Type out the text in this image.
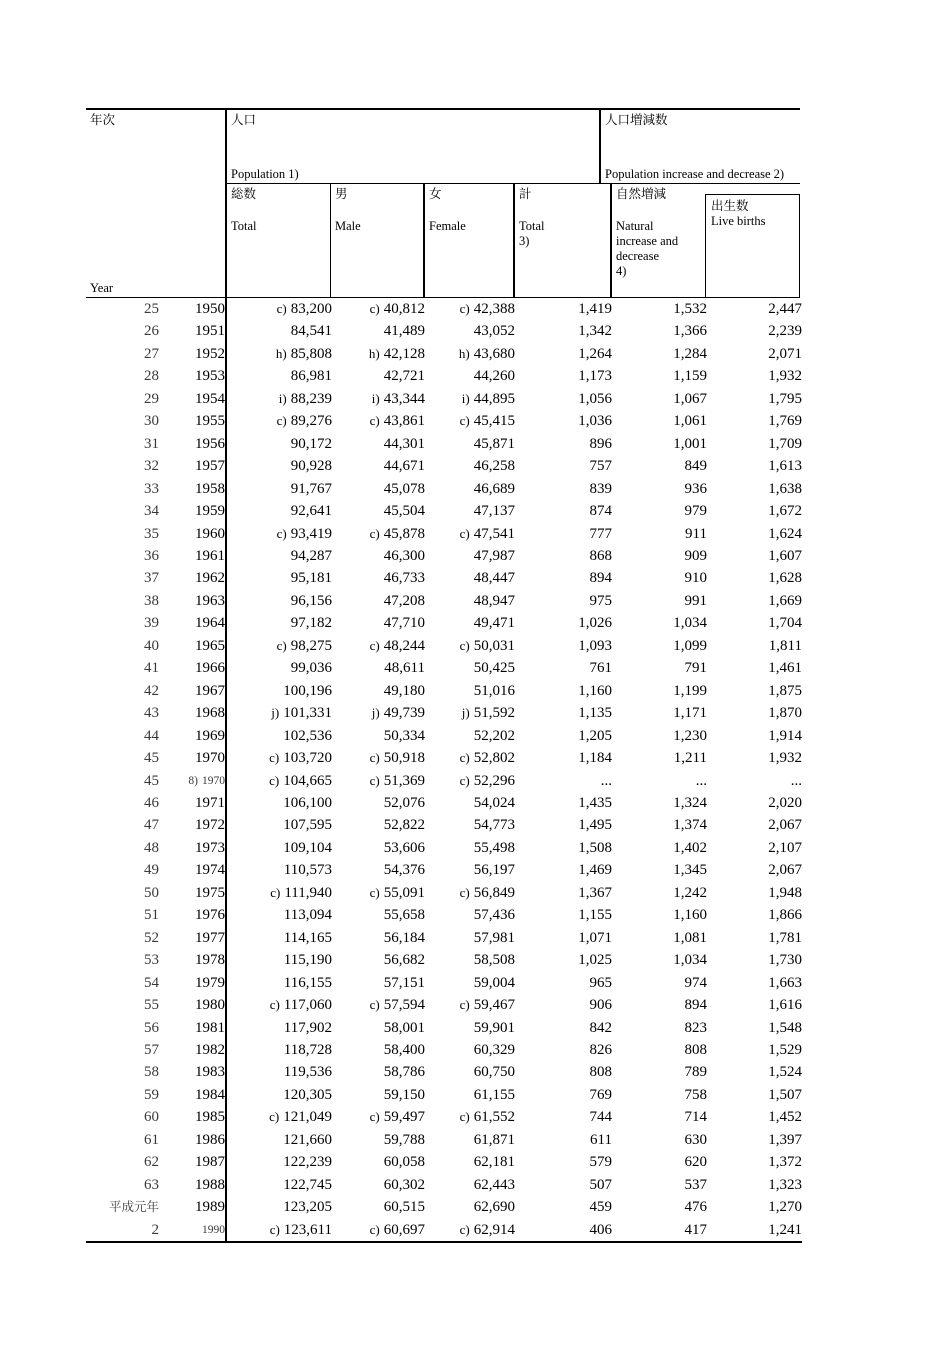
年次
Year
人口
Population 1)
人口増減数
Population increase and decrease 2)
総数
Total
男
Male
女
Female
計
Total
3)
自然増減
Natural
increase and
decrease
4)
出生数
Live births
25	1950	c) 83,200	c) 40,812	c) 42,388	1,419	1,532	2,447
26	1951	84,541	41,489	43,052	1,342	1,366	2,239
27	1952	h) 85,808	h) 42,128	h) 43,680	1,264	1,284	2,071
28	1953	86,981	42,721	44,260	1,173	1,159	1,932
29	1954	i) 88,239	i) 43,344	i) 44,895	1,056	1,067	1,795
30	1955	c) 89,276	c) 43,861	c) 45,415	1,036	1,061	1,769
31	1956	90,172	44,301	45,871	896	1,001	1,709
32	1957	90,928	44,671	46,258	757	849	1,613
33	1958	91,767	45,078	46,689	839	936	1,638
34	1959	92,641	45,504	47,137	874	979	1,672
35	1960	c) 93,419	c) 45,878	c) 47,541	777	911	1,624
36	1961	94,287	46,300	47,987	868	909	1,607
37	1962	95,181	46,733	48,447	894	910	1,628
38	1963	96,156	47,208	48,947	975	991	1,669
39	1964	97,182	47,710	49,471	1,026	1,034	1,704
40	1965	c) 98,275	c) 48,244	c) 50,031	1,093	1,099	1,811
41	1966	99,036	48,611	50,425	761	791	1,461
42	1967	100,196	49,180	51,016	1,160	1,199	1,875
43	1968	j) 101,331	j) 49,739	j) 51,592	1,135	1,171	1,870
44	1969	102,536	50,334	52,202	1,205	1,230	1,914
45	1970	c) 103,720	c) 50,918	c) 52,802	1,184	1,211	1,932
45	8) 1970	c) 104,665	c) 51,369	c) 52,296	...	...	...
46	1971	106,100	52,076	54,024	1,435	1,324	2,020
47	1972	107,595	52,822	54,773	1,495	1,374	2,067
48	1973	109,104	53,606	55,498	1,508	1,402	2,107
49	1974	110,573	54,376	56,197	1,469	1,345	2,067
50	1975	c) 111,940	c) 55,091	c) 56,849	1,367	1,242	1,948
51	1976	113,094	55,658	57,436	1,155	1,160	1,866
52	1977	114,165	56,184	57,981	1,071	1,081	1,781
53	1978	115,190	56,682	58,508	1,025	1,034	1,730
54	1979	116,155	57,151	59,004	965	974	1,663
55	1980	c) 117,060	c) 57,594	c) 59,467	906	894	1,616
56	1981	117,902	58,001	59,901	842	823	1,548
57	1982	118,728	58,400	60,329	826	808	1,529
58	1983	119,536	58,786	60,750	808	789	1,524
59	1984	120,305	59,150	61,155	769	758	1,507
60	1985	c) 121,049	c) 59,497	c) 61,552	744	714	1,452
61	1986	121,660	59,788	61,871	611	630	1,397
62	1987	122,239	60,058	62,181	579	620	1,372
63	1988	122,745	60,302	62,443	507	537	1,323
平成元年	1989	123,205	60,515	62,690	459	476	1,270
2	1990	c) 123,611	c) 60,697	c) 62,914	406	417	1,241
